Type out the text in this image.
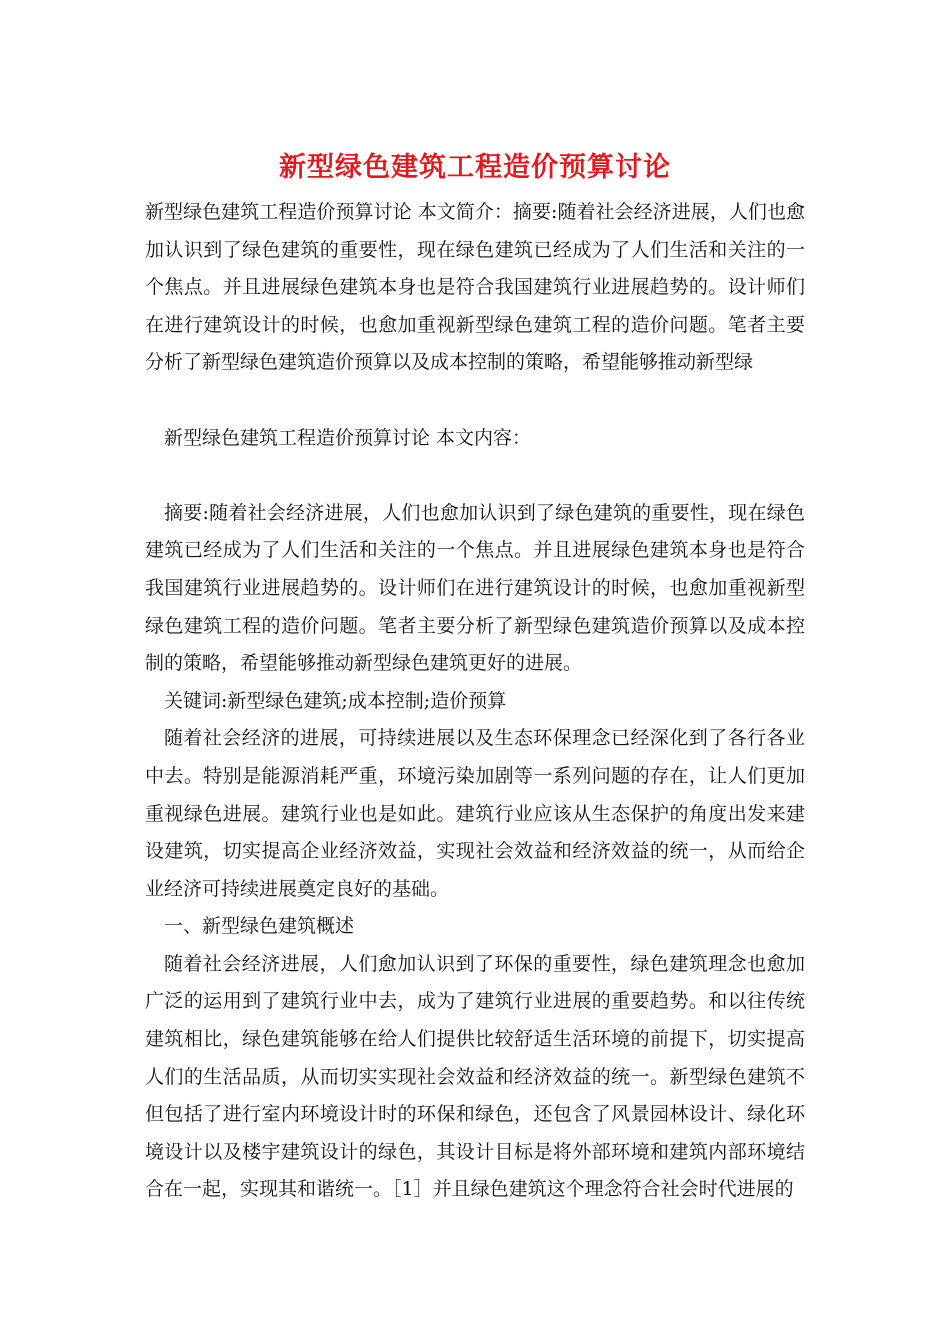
新型绿色建筑工程造价预算讨论

新型绿色建筑工程造价预算讨论 本文简介：摘要:随着社会经济进展，人们也愈加认识到了绿色建筑的重要性，现在绿色建筑已经成为了人们生活和关注的一个焦点。并且进展绿色建筑本身也是符合我国建筑行业进展趋势的。设计师们在进行建筑设计的时候，也愈加重视新型绿色建筑工程的造价问题。笔者主要分析了新型绿色建筑造价预算以及成本控制的策略，希望能够推动新型绿

新型绿色建筑工程造价预算讨论 本文内容：

摘要:随着社会经济进展，人们也愈加认识到了绿色建筑的重要性，现在绿色建筑已经成为了人们生活和关注的一个焦点。并且进展绿色建筑本身也是符合我国建筑行业进展趋势的。设计师们在进行建筑设计的时候，也愈加重视新型绿色建筑工程的造价问题。笔者主要分析了新型绿色建筑造价预算以及成本控制的策略，希望能够推动新型绿色建筑更好的进展。

关键词:新型绿色建筑;成本控制;造价预算

随着社会经济的进展，可持续进展以及生态环保理念已经深化到了各行各业中去。特别是能源消耗严重，环境污染加剧等一系列问题的存在，让人们更加重视绿色进展。建筑行业也是如此。建筑行业应该从生态保护的角度出发来建设建筑，切实提高企业经济效益，实现社会效益和经济效益的统一，从而给企业经济可持续进展奠定良好的基础。

一、新型绿色建筑概述

随着社会经济进展，人们愈加认识到了环保的重要性，绿色建筑理念也愈加广泛的运用到了建筑行业中去，成为了建筑行业进展的重要趋势。和以往传统建筑相比，绿色建筑能够在给人们提供比较舒适生活环境的前提下，切实提高人们的生活品质，从而切实实现社会效益和经济效益的统一。新型绿色建筑不但包括了进行室内环境设计时的环保和绿色，还包含了风景园林设计、绿化环境设计以及楼宇建筑设计的绿色，其设计目标是将外部环境和建筑内部环境结合在一起，实现其和谐统一。［1］并且绿色建筑这个理念符合社会时代进展的
